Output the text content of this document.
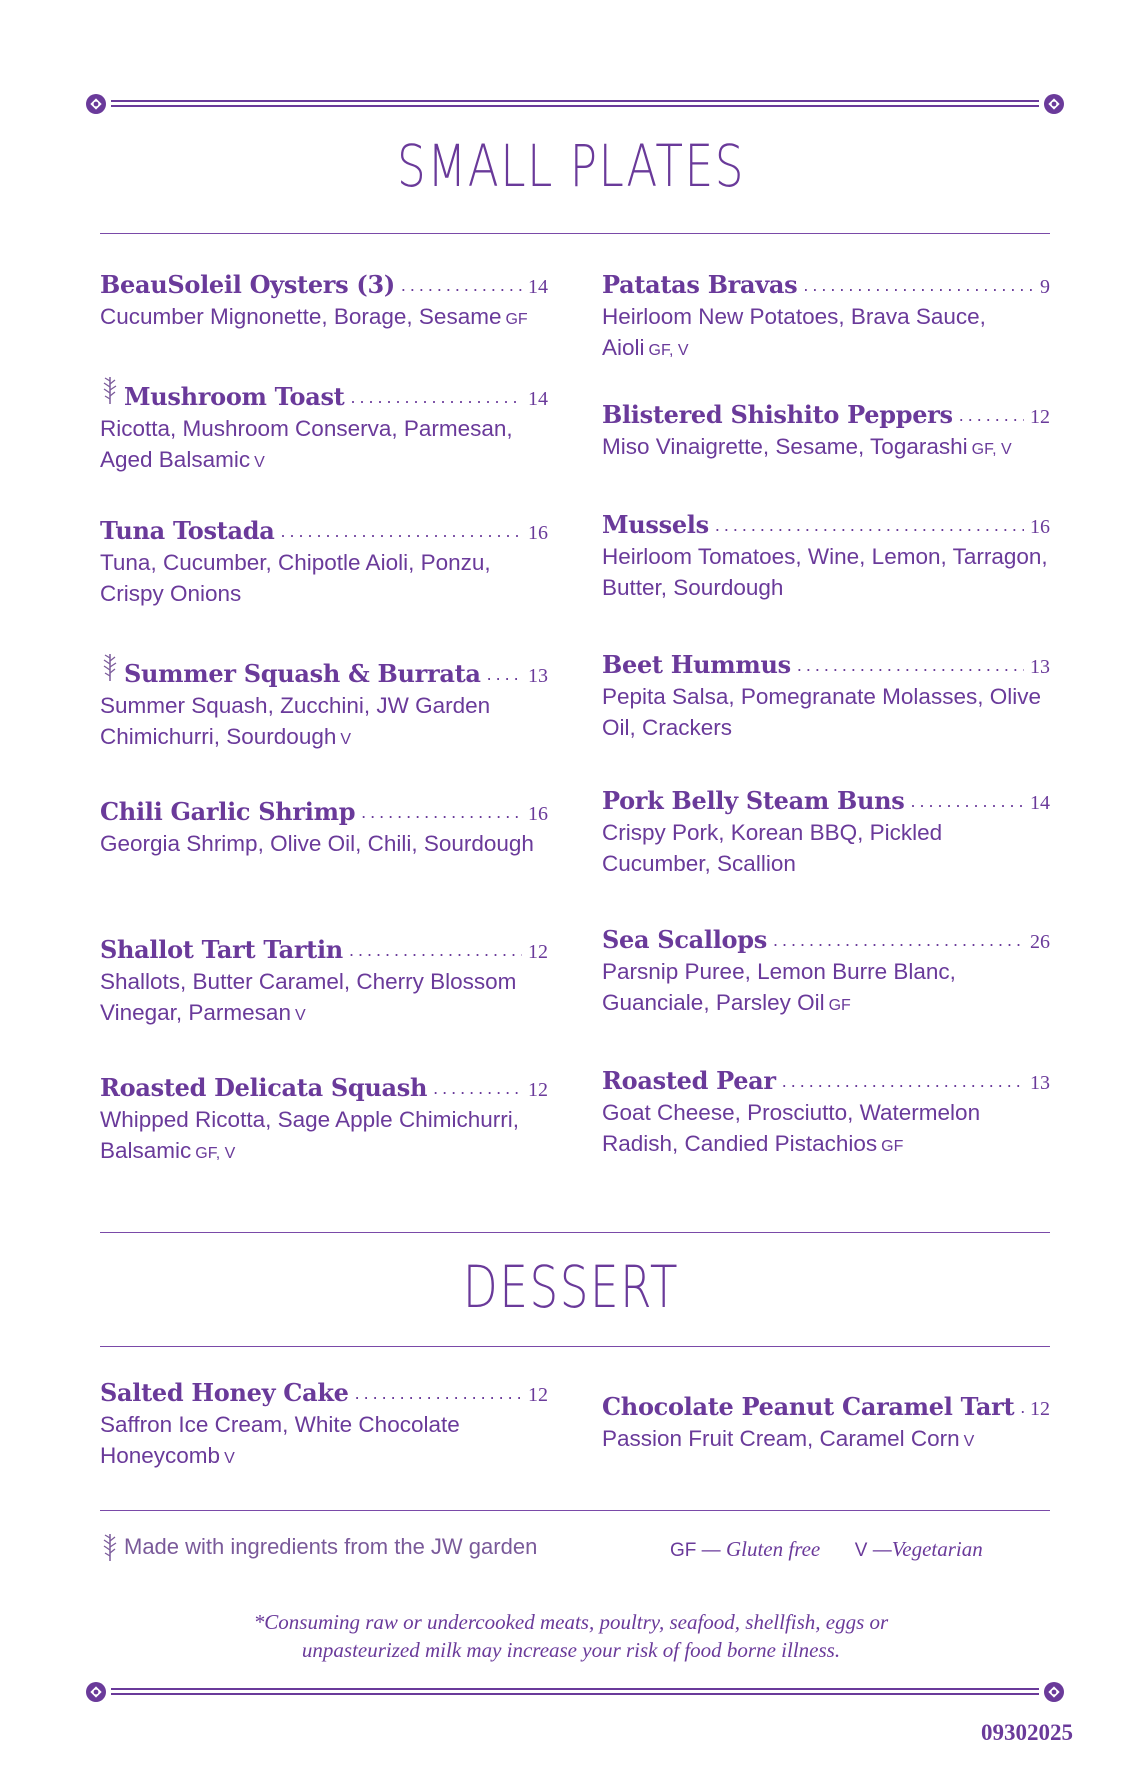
SMALL PLATES
BeauSoleil Oysters (3) .....	14
Cucumber Mignonette, Borage, Sesame GF
Mushroom Toast .....	14
Ricotta, Mushroom Conserva, Parmesan, Aged Balsamic V
Tuna Tostada .....	16
Tuna, Cucumber, Chipotle Aioli, Ponzu, Crispy Onions
Summer Squash & Burrata ..... 13
Summer Squash, Zucchini, JW Garden Chimichurri, Sourdough V
Chili Garlic Shrimp .....	16
Georgia Shrimp, Olive Oil, Chili, Sourdough
Shallot Tart Tartin .....	12
Shallots, Butter Caramel, Cherry Blossom Vinegar, Parmesan V
Roasted Delicata Squash .....	12
Whipped Ricotta, Sage Apple Chimichurri, Balsamic GF, V
Patatas Bravas .....	9
Heirloom New Potatoes, Brava Sauce, Aioli GF, V
Blistered Shishito Peppers .....	12
Miso Vinaigrette, Sesame, Togarashi GF, V
Mussels .....	16
Heirloom Tomatoes, Wine, Lemon, Tarragon, Butter, Sourdough
Beet Hummus .....	13
Pepita Salsa, Pomegranate Molasses, Olive Oil, Crackers
Pork Belly Steam Buns .....	14
Crispy Pork, Korean BBQ, Pickled Cucumber, Scallion
Sea Scallops .....	26
Parsnip Puree, Lemon Burre Blanc, Guanciale, Parsley Oil GF
Roasted Pear .....	13
Goat Cheese, Prosciutto, Watermelon Radish, Candied Pistachios GF
DESSERT
Salted Honey Cake .....	12
Saffron Ice Cream, White Chocolate Honeycomb V
Chocolate Peanut Caramel Tart ..... 12
Passion Fruit Cream, Caramel Corn V
Made with ingredients from the JW garden	GF — Gluten free V —Vegetarian
*Consuming raw or undercooked meats, poultry, seafood, shellfish, eggs or
unpasteurized milk may increase your risk of food borne illness.
09302025
